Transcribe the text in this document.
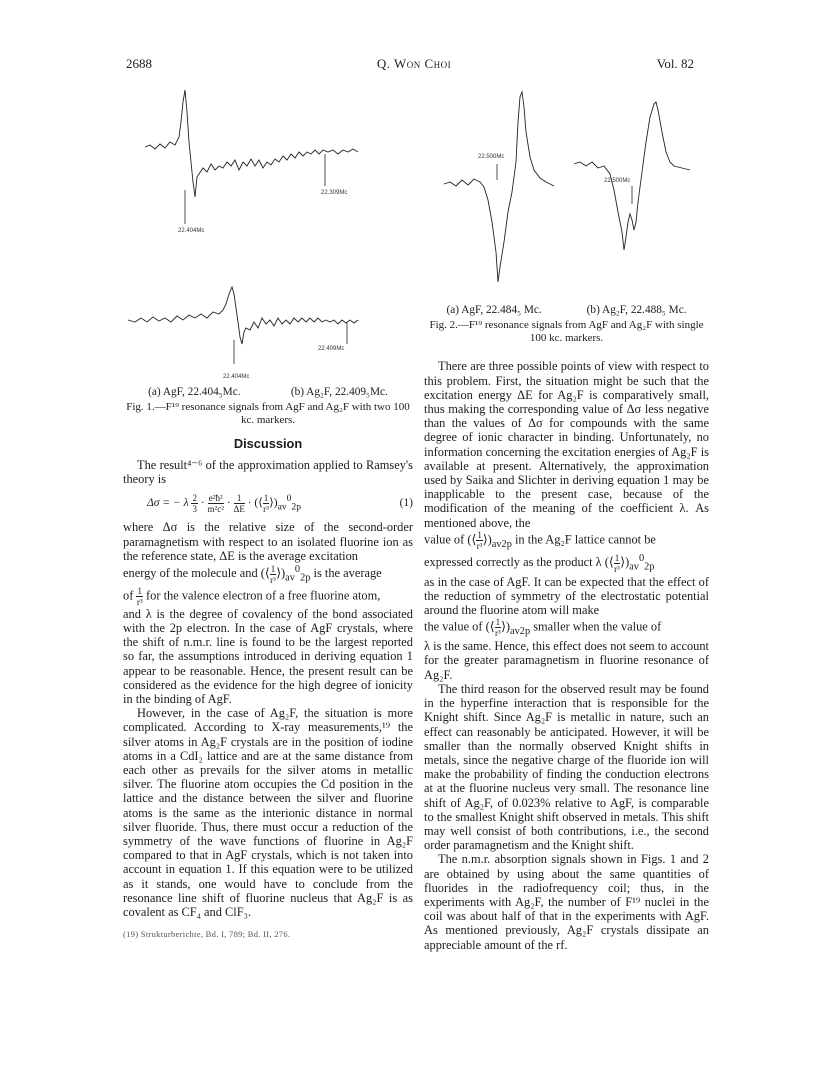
2688	Q. Won Choi	Vol. 82
22.309Mc
22.404Mc
22.409Mc
22.404Mc
(a) AgF, 22.404₅Mc.	(b) Ag₂F, 22.409₅Mc.
Fig. 1.—F¹⁹ resonance signals from AgF and Ag₂F with two 100 kc. markers.
Discussion

The result⁴⁻⁶ of the approximation applied to Ramsey's theory is

Δσ = − λ $\frac{2}{3} \cdot \frac{\text{e²ħ²}}{\text{m²c²}} \cdot \frac{1}{\Delta E}$ · (⟨ $\frac{1}{\text{r³}}$ $⟩)_{av}^0_{2p}$	(1)

where Δσ is the relative size of the second-order paramagnetism with respect to an isolated fluorine ion as the reference state, ΔE is the average excitation

energy of the molecule and (⟨ $\frac{1}{\text{r³}}$ $⟩)_{av}^0_{2p}$ is the average

of $\frac{1}{\text{r³}}$ for the valence electron of a free fluorine atom,

and λ is the degree of covalency of the bond associated with the 2p electron. In the case of AgF crystals, where the shift of n.m.r. line is found to be the largest reported so far, the assumptions introduced in deriving equation 1 appear to be reasonable. Hence, the present result can be considered as the evidence for the high degree of ionicity in the binding of AgF.

However, in the case of Ag₂F, the situation is more complicated. According to X-ray measurements,¹⁹ the silver atoms in Ag₂F crystals are in the position of iodine atoms in a CdI₂ lattice and are at the same distance from each other as prevails for the silver atoms in metallic silver. The fluorine atom occupies the Cd position in the lattice and the distance between the silver and fluorine atoms is the same as the interionic distance in normal silver fluoride. Thus, there must occur a reduction of the symmetry of the wave functions of fluorine in Ag₂F compared to that in AgF crystals, which is not taken into account in equation 1. If this equation were to be utilized as it stands, one would have to conclude from the resonance line shift of fluorine nucleus that Ag₂F is as covalent as CF₄ and ClF₃.

(19) Strukturberichte, Bd. I, 789; Bd. II, 276.
22.500Mc
22.500Mc
(a) AgF, 22.484₅ Mc.	(b) Ag₂F, 22.488₅ Mc.
Fig. 2.—F¹⁹ resonance signals from AgF and Ag₂F with single 100 kc. markers.

There are three possible points of view with respect to this problem. First, the situation might be such that the excitation energy ΔE for Ag₂F is comparatively small, thus making the corresponding value of Δσ less negative than the values of Δσ for compounds with the same degree of ionic character in binding. Unfortunately, no information concerning the excitation energies of Ag₂F is available at present. Alternatively, the approximation used by Saika and Slichter in deriving equation 1 may be inapplicable to the present case, because of the modification of the meaning of the coefficient λ. As mentioned above, the

value of (⟨ $\frac{1}{\text{r³}}$ $⟩)_{av2p}$ in the Ag₂F lattice cannot be

expressed correctly as the product λ (⟨ $\frac{1}{\text{r³}}$ $⟩)_{av}^0_{2p}$

as in the case of AgF. It can be expected that the effect of the reduction of symmetry of the electrostatic potential around the fluorine atom will make

the value of (⟨ $\frac{1}{\text{r³}}$ $⟩)_{av2p}$ smaller when the value of

λ is the same. Hence, this effect does not seem to account for the greater paramagnetism in fluorine resonance of Ag₂F.

The third reason for the observed result may be found in the hyperfine interaction that is responsible for the Knight shift. Since Ag₂F is metallic in nature, such an effect can reasonably be anticipated. However, it will be smaller than the normally observed Knight shifts in metals, since the negative charge of the fluoride ion will make the probability of finding the conduction electrons at at the fluorine nucleus very small. The resonance line shift of Ag₂F, of 0.023% relative to AgF, is comparable to the smallest Knight shift observed in metals. This shift may well consist of both contributions, i.e., the second order paramagnetism and the Knight shift.

The n.m.r. absorption signals shown in Figs. 1 and 2 are obtained by using about the same quantities of fluorides in the radiofrequency coil; thus, in the experiments with Ag₂F, the number of F¹⁹ nuclei in the coil was about half of that in the experiments with AgF. As mentioned previously, Ag₂F crystals dissipate an appreciable amount of the rf.
